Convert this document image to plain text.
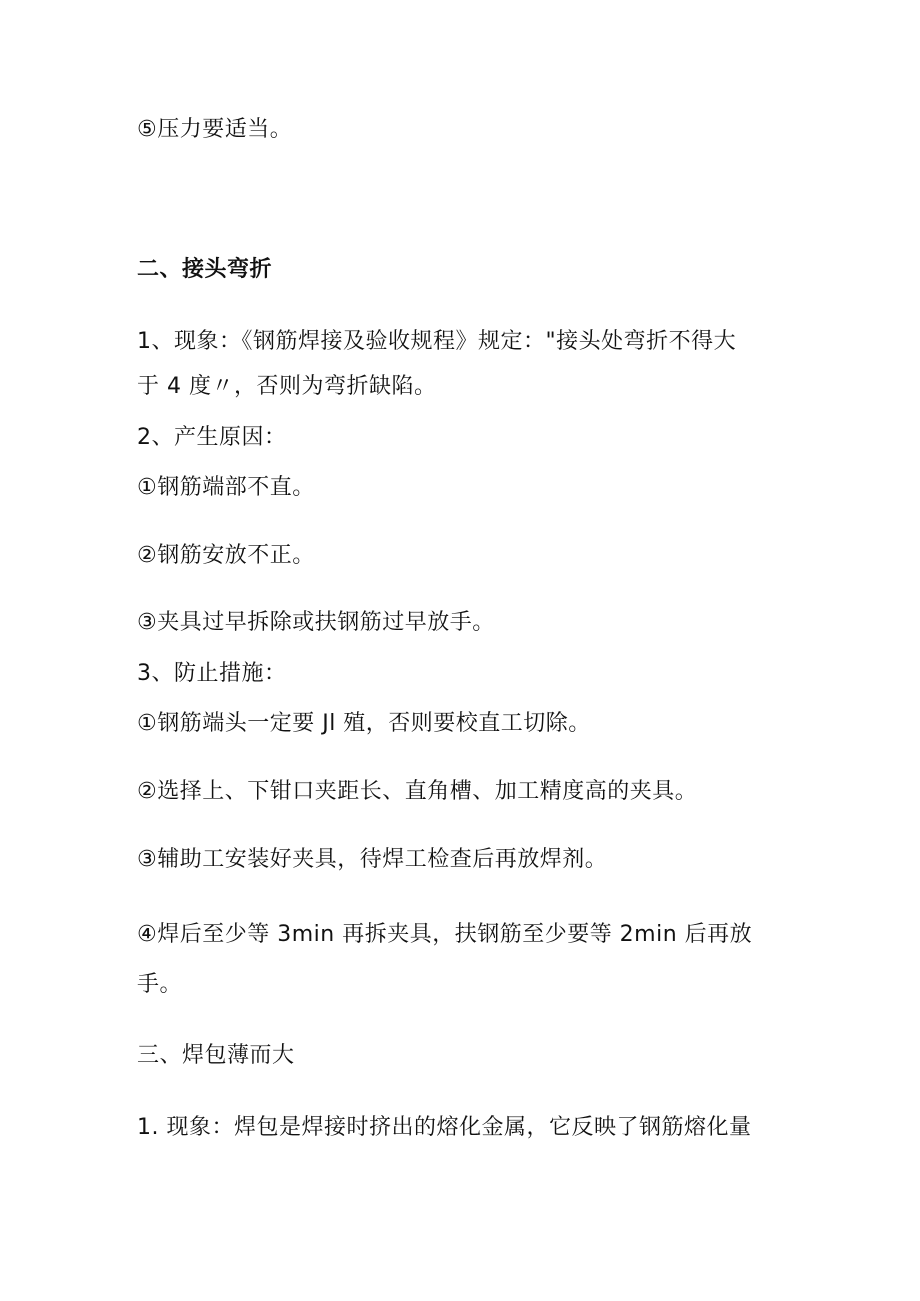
⑤压力要适当。

二、接头弯折

1、现象：《钢筋焊接及验收规程》规定："接头处弯折不得大

于 4 度〃，否则为弯折缺陷。

2、产生原因：

①钢筋端部不直。

②钢筋安放不正。

③夹具过早拆除或扶钢筋过早放手。

3、防止措施：

①钢筋端头一定要 Jl 殖，否则要校直工切除。

②选择上、下钳口夹距长、直角槽、加工精度高的夹具。

③辅助工安装好夹具，待焊工检查后再放焊剂。

④焊后至少等 3min 再拆夹具，扶钢筋至少要等 2min 后再放

手。

三、焊包薄而大

1. 现象：焊包是焊接时挤出的熔化金属，它反映了钢筋熔化量
